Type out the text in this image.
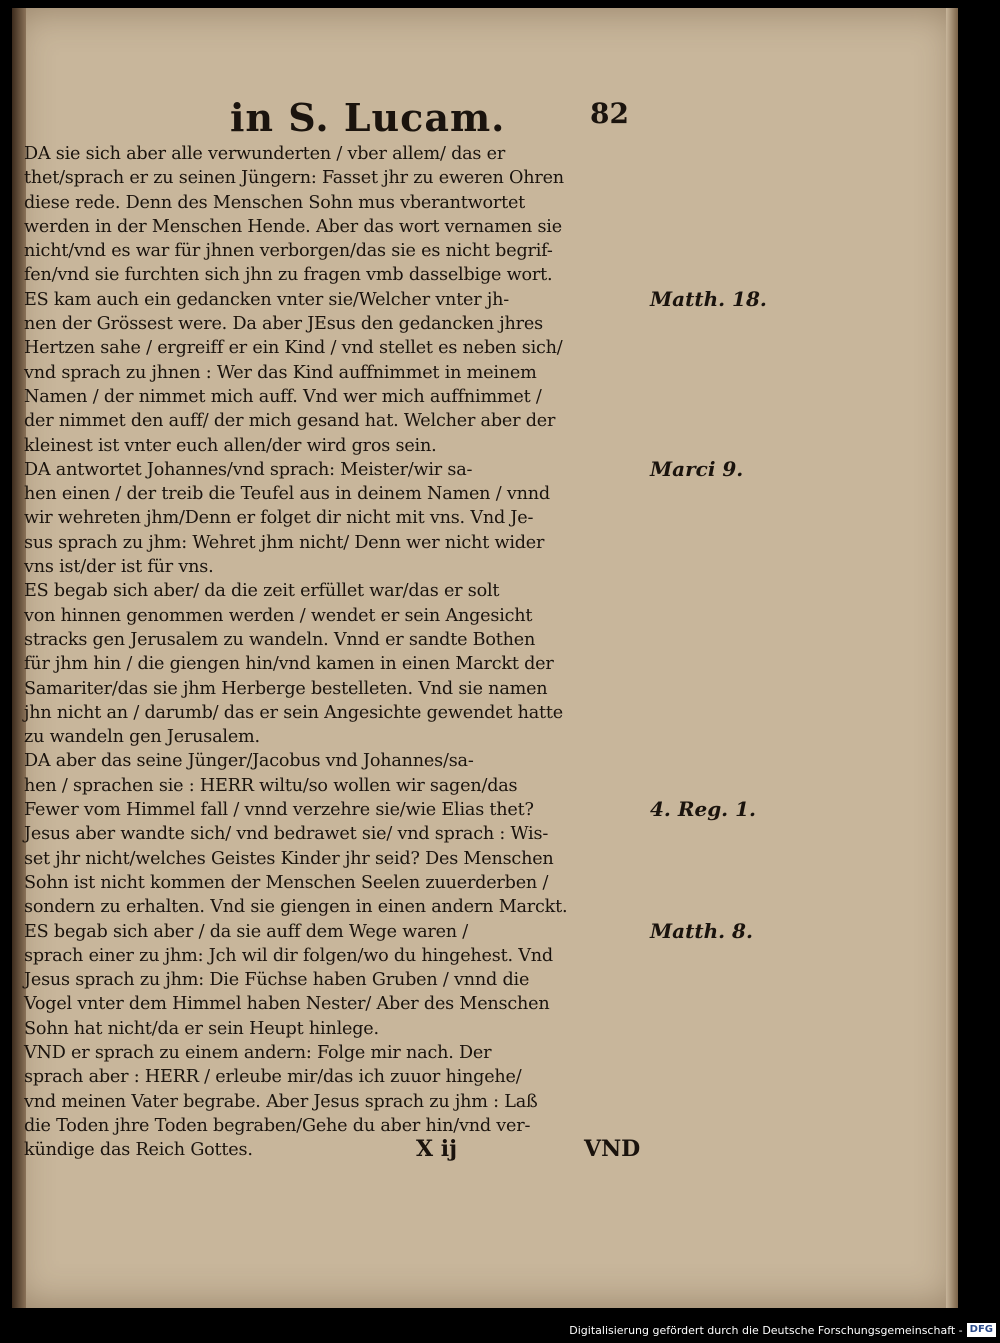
in S. Lucam.	82
DA sie sich aber alle verwunderten / vber allem/ das er
thet/sprach er zu seinen Jüngern: Fasset jhr zu eweren Ohren
diese rede. Denn des Menschen Sohn mus vberantwortet
werden in der Menschen Hende. Aber das wort vernamen sie
nicht/vnd es war für jhnen verborgen/das sie es nicht begrif-
fen/vnd sie furchten sich jhn zu fragen vmb dasselbige wort.
ES kam auch ein gedancken vnter sie/Welcher vnter jh-
nen der Grössest were. Da aber JEsus den gedancken jhres
Hertzen sahe / ergreiff er ein Kind / vnd stellet es neben sich/
vnd sprach zu jhnen : Wer das Kind auffnimmet in meinem
Namen / der nimmet mich auff. Vnd wer mich auffnimmet /
der nimmet den auff/ der mich gesand hat. Welcher aber der
kleinest ist vnter euch allen/der wird gros sein.
DA antwortet Johannes/vnd sprach: Meister/wir sa-
hen einen / der treib die Teufel aus in deinem Namen / vnnd
wir wehreten jhm/Denn er folget dir nicht mit vns. Vnd Je-
sus sprach zu jhm: Wehret jhm nicht/ Denn wer nicht wider
vns ist/der ist für vns.
ES begab sich aber/ da die zeit erfüllet war/das er solt
von hinnen genommen werden / wendet er sein Angesicht
stracks gen Jerusalem zu wandeln. Vnnd er sandte Bothen
für jhm hin / die giengen hin/vnd kamen in einen Marckt der
Samariter/das sie jhm Herberge bestelleten. Vnd sie namen
jhn nicht an / darumb/ das er sein Angesichte gewendet hatte
zu wandeln gen Jerusalem.
DA aber das seine Jünger/Jacobus vnd Johannes/sa-
hen / sprachen sie : HERR wiltu/so wollen wir sagen/das
Fewer vom Himmel fall / vnnd verzehre sie/wie Elias thet?
Jesus aber wandte sich/ vnd bedrawet sie/ vnd sprach : Wis-
set jhr nicht/welches Geistes Kinder jhr seid? Des Menschen
Sohn ist nicht kommen der Menschen Seelen zuuerderben /
sondern zu erhalten. Vnd sie giengen in einen andern Marckt.
ES begab sich aber / da sie auff dem Wege waren /
sprach einer zu jhm: Jch wil dir folgen/wo du hingehest. Vnd
Jesus sprach zu jhm: Die Füchse haben Gruben / vnnd die
Vogel vnter dem Himmel haben Nester/ Aber des Menschen
Sohn hat nicht/da er sein Heupt hinlege.
VND er sprach zu einem andern: Folge mir nach. Der
sprach aber : HERR / erleube mir/das ich zuuor hingehe/
vnd meinen Vater begrabe. Aber Jesus sprach zu jhm : Laß
die Toden jhre Toden begraben/Gehe du aber hin/vnd ver-
kündige das Reich Gottes.
Matth. 18.
Marci 9.
4. Reg. 1.
Matth. 8.
X ij	VND
Digitalisierung gefördert durch die Deutsche Forschungsgemeinschaft - DFG
